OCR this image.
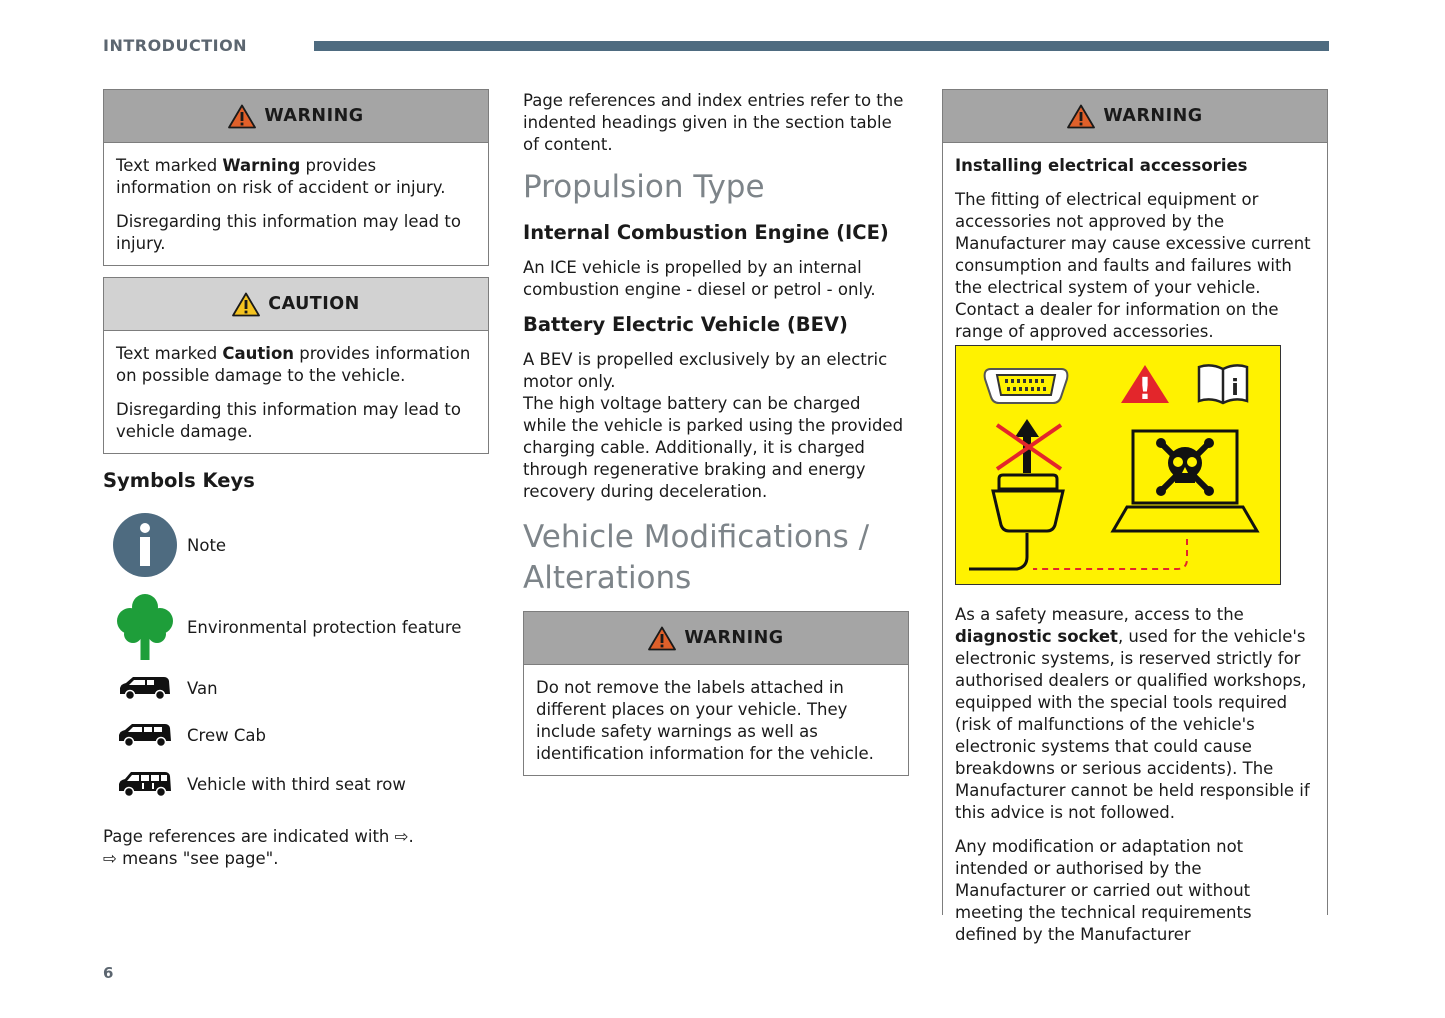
INTRODUCTION
WARNING

Text marked Warning provides information on risk of accident or injury.

Disregarding this information may lead to injury.

CAUTION

Text marked Caution provides information on possible damage to the vehicle.

Disregarding this information may lead to vehicle damage.

Symbols Keys
Note
Environmental protection feature
Van
Crew Cab
Vehicle with third seat row

Page references are indicated with ⇨.

⇨ means "see page".

Page references and index entries refer to the indented headings given in the section table of content.

Propulsion Type
Internal Combustion Engine (ICE)

An ICE vehicle is propelled by an internal combustion engine - diesel or petrol - only.

Battery Electric Vehicle (BEV)

A BEV is propelled exclusively by an electric motor only.

The high voltage battery can be charged while the vehicle is parked using the provided charging cable. Additionally, it is charged through regenerative braking and energy recovery during deceleration.

Vehicle Modifications / Alterations
WARNING

Do not remove the labels attached in different places on your vehicle. They include safety warnings as well as identification information for the vehicle.

WARNING

Installing electrical accessories

The fitting of electrical equipment or accessories not approved by the Manufacturer may cause excessive current consumption and faults and failures with the electrical system of your vehicle. Contact a dealer for information on the range of approved accessories.

!	i

As a safety measure, access to the diagnostic socket, used for the vehicle's electronic systems, is reserved strictly for authorised dealers or qualified workshops, equipped with the special tools required (risk of malfunctions of the vehicle's electronic systems that could cause breakdowns or serious accidents). The Manufacturer cannot be held responsible if this advice is not followed.

Any modification or adaptation not intended or authorised by the Manufacturer or carried out without meeting the technical requirements defined by the Manufacturer

6
